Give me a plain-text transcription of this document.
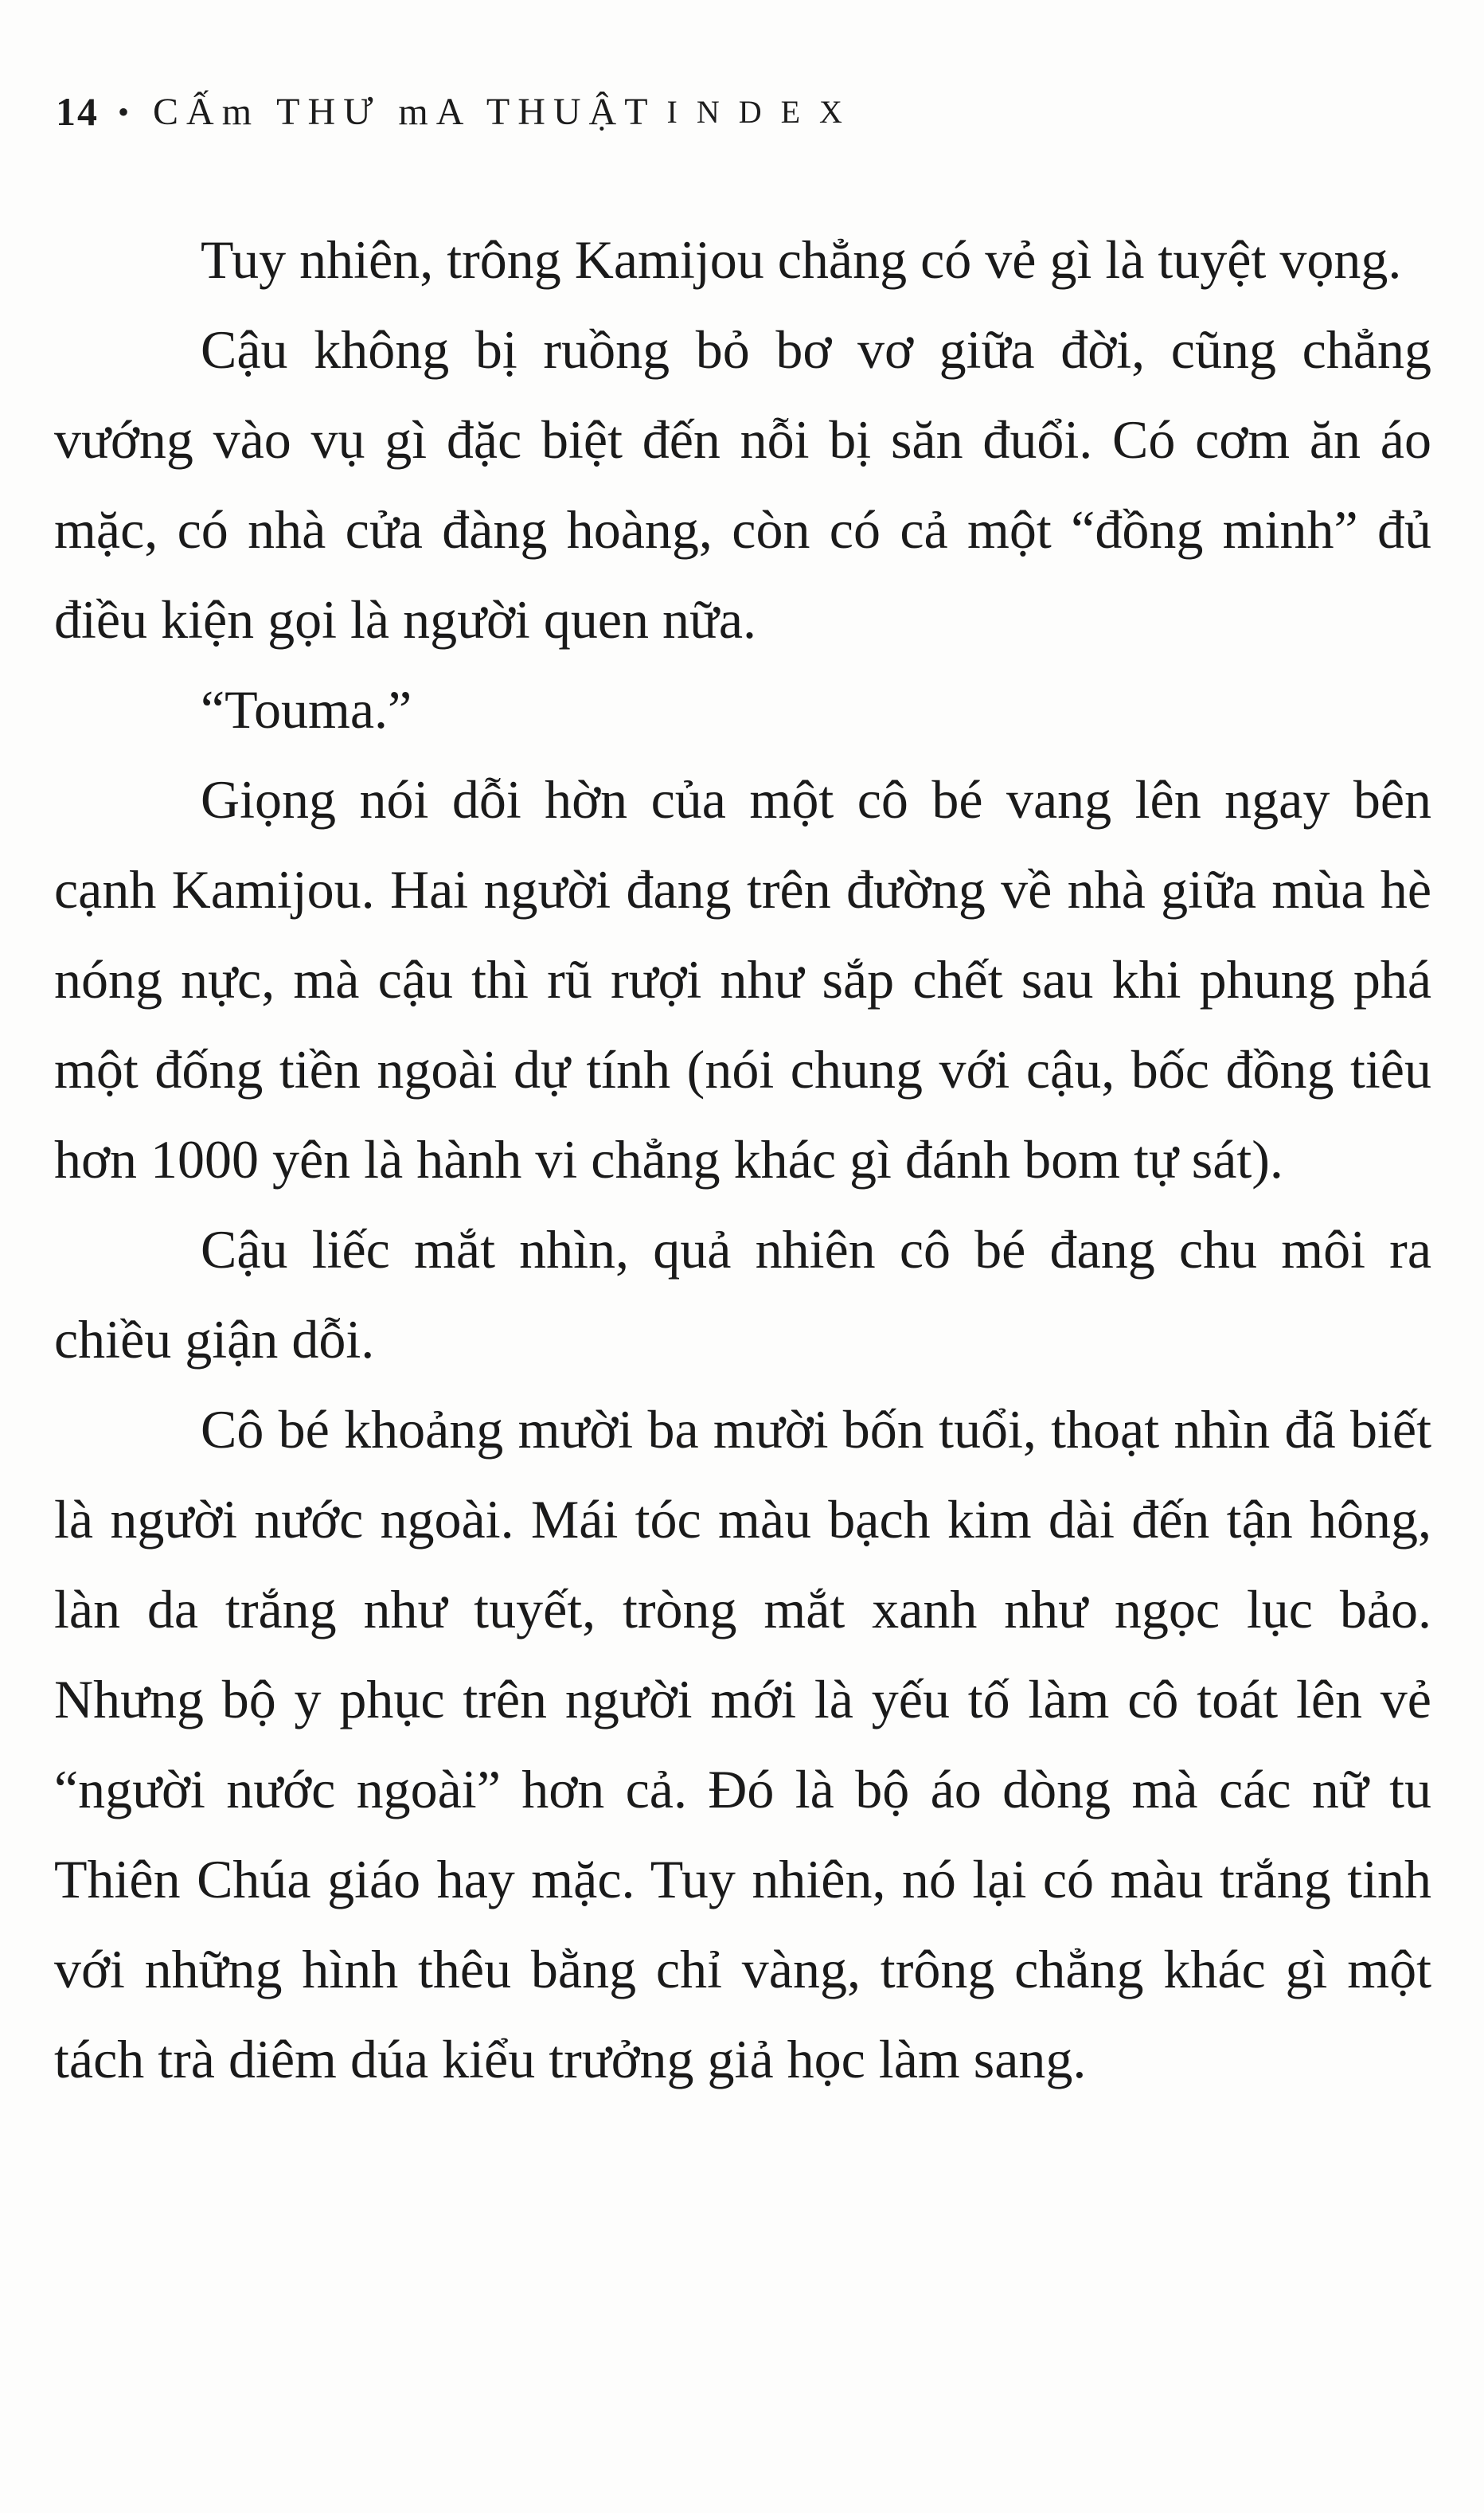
14 • CẤm THƯ mA THUẬT INDEX

Tuy nhiên, trông Kamijou chẳng có vẻ gì là tuyệt vọng.

Cậu không bị ruồng bỏ bơ vơ giữa đời, cũng chẳng vướng vào vụ gì đặc biệt đến nỗi bị săn đuổi. Có cơm ăn áo mặc, có nhà cửa đàng hoàng, còn có cả một “đồng minh” đủ điều kiện gọi là người quen nữa.

“Touma.”

Giọng nói dỗi hờn của một cô bé vang lên ngay bên cạnh Kamijou. Hai người đang trên đường về nhà giữa mùa hè nóng nực, mà cậu thì rũ rượi như sắp chết sau khi phung phá một đống tiền ngoài dự tính (nói chung với cậu, bốc đồng tiêu hơn 1000 yên là hành vi chẳng khác gì đánh bom tự sát).

Cậu liếc mắt nhìn, quả nhiên cô bé đang chu môi ra chiều giận dỗi.

Cô bé khoảng mười ba mười bốn tuổi, thoạt nhìn đã biết là người nước ngoài. Mái tóc màu bạch kim dài đến tận hông, làn da trắng như tuyết, tròng mắt xanh như ngọc lục bảo. Nhưng bộ y phục trên người mới là yếu tố làm cô toát lên vẻ “người nước ngoài” hơn cả. Đó là bộ áo dòng mà các nữ tu Thiên Chúa giáo hay mặc. Tuy nhiên, nó lại có màu trắng tinh với những hình thêu bằng chỉ vàng, trông chẳng khác gì một tách trà diêm dúa kiểu trưởng giả học làm sang.
